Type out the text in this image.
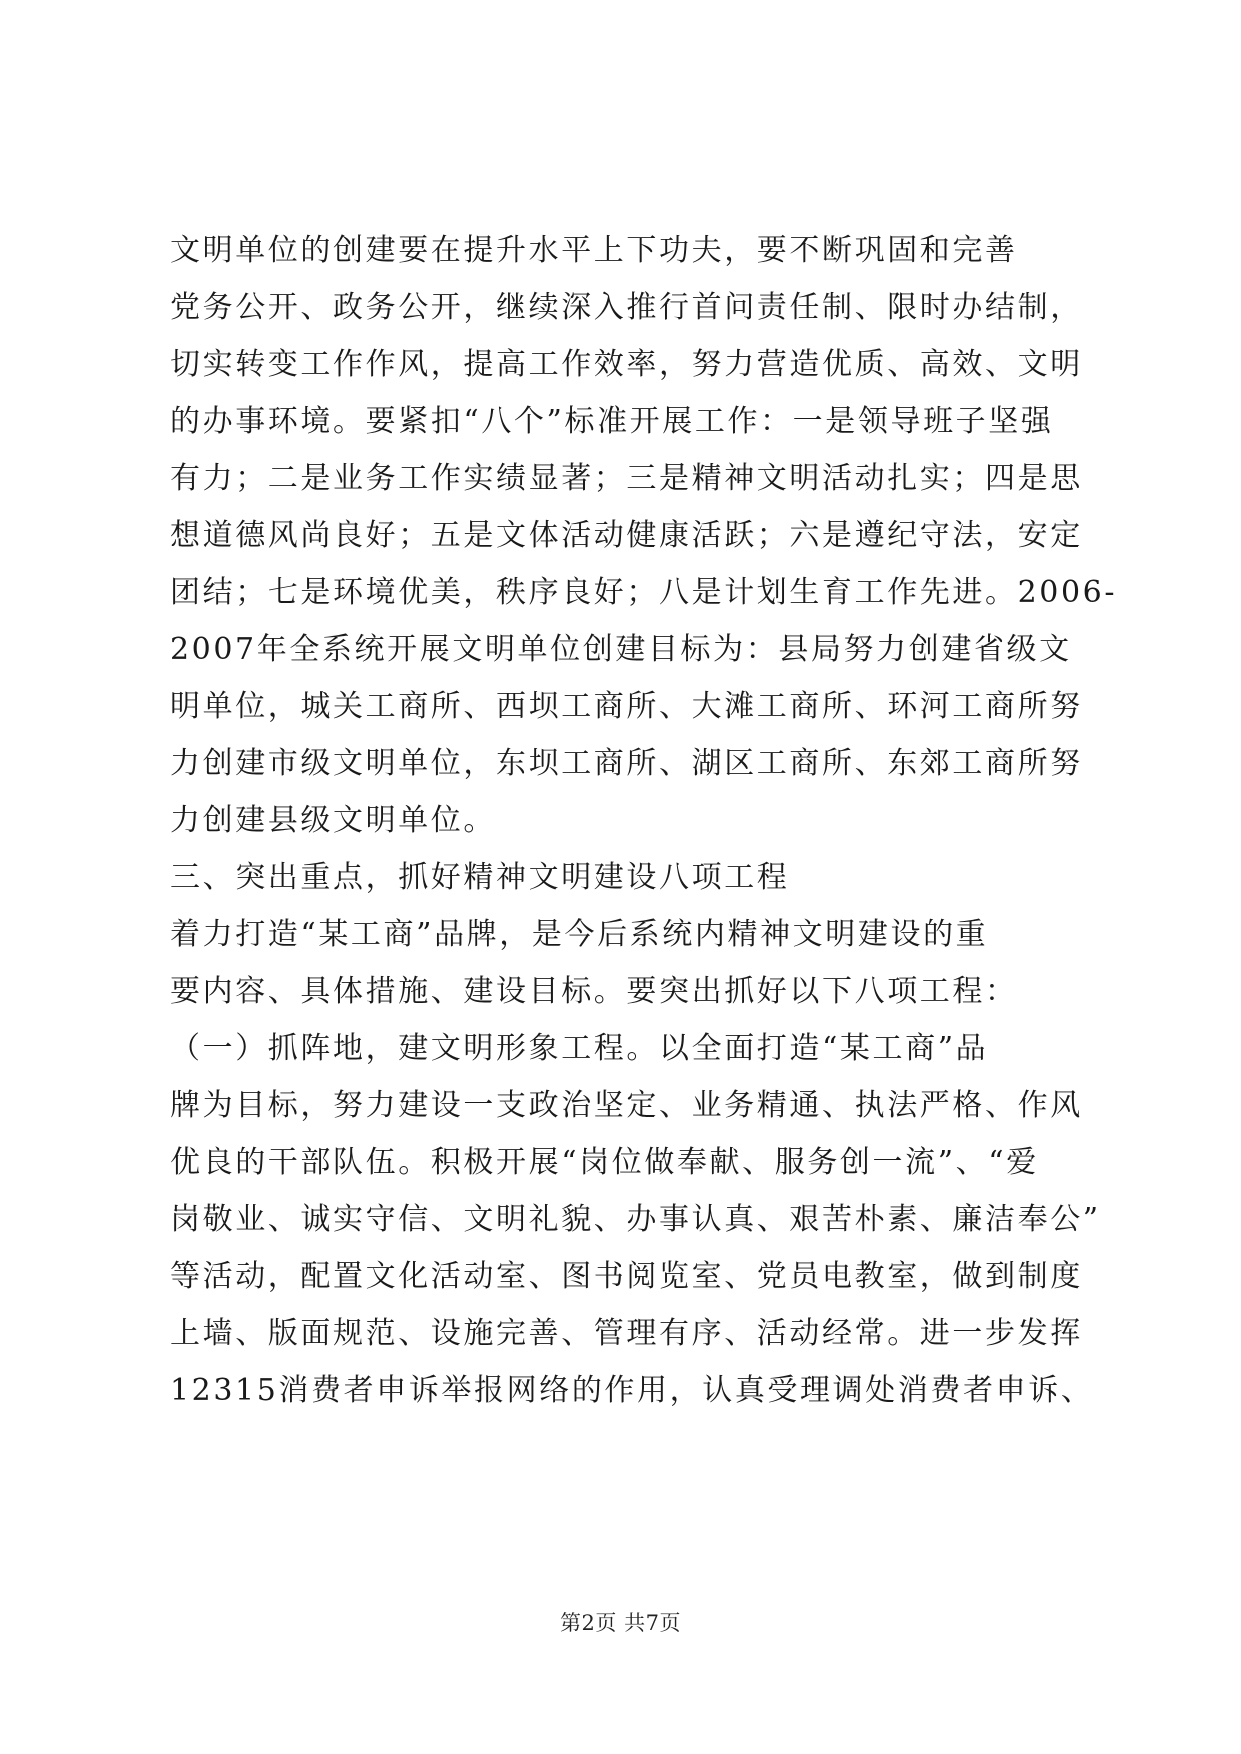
文明单位的创建要在提升水平上下功夫，要不断巩固和完善
党务公开、政务公开，继续深入推行首问责任制、限时办结制，
切实转变工作作风，提高工作效率，努力营造优质、高效、文明
的办事环境。要紧扣“八个”标准开展工作：一是领导班子坚强
有力；二是业务工作实绩显著；三是精神文明活动扎实；四是思
想道德风尚良好；五是文体活动健康活跃；六是遵纪守法，安定
团结；七是环境优美，秩序良好；八是计划生育工作先进。2006-
2007年全系统开展文明单位创建目标为：县局努力创建省级文
明单位，城关工商所、西坝工商所、大滩工商所、环河工商所努
力创建市级文明单位，东坝工商所、湖区工商所、东郊工商所努
力创建县级文明单位。
三、突出重点，抓好精神文明建设八项工程
着力打造“某工商”品牌，是今后系统内精神文明建设的重
要内容、具体措施、建设目标。要突出抓好以下八项工程：
（一）抓阵地，建文明形象工程。以全面打造“某工商”品
牌为目标，努力建设一支政治坚定、业务精通、执法严格、作风
优良的干部队伍。积极开展“岗位做奉献、服务创一流”、“爱
岗敬业、诚实守信、文明礼貌、办事认真、艰苦朴素、廉洁奉公”
等活动，配置文化活动室、图书阅览室、党员电教室，做到制度
上墙、版面规范、设施完善、管理有序、活动经常。进一步发挥
12315消费者申诉举报网络的作用，认真受理调处消费者申诉、
第2页 共7页
